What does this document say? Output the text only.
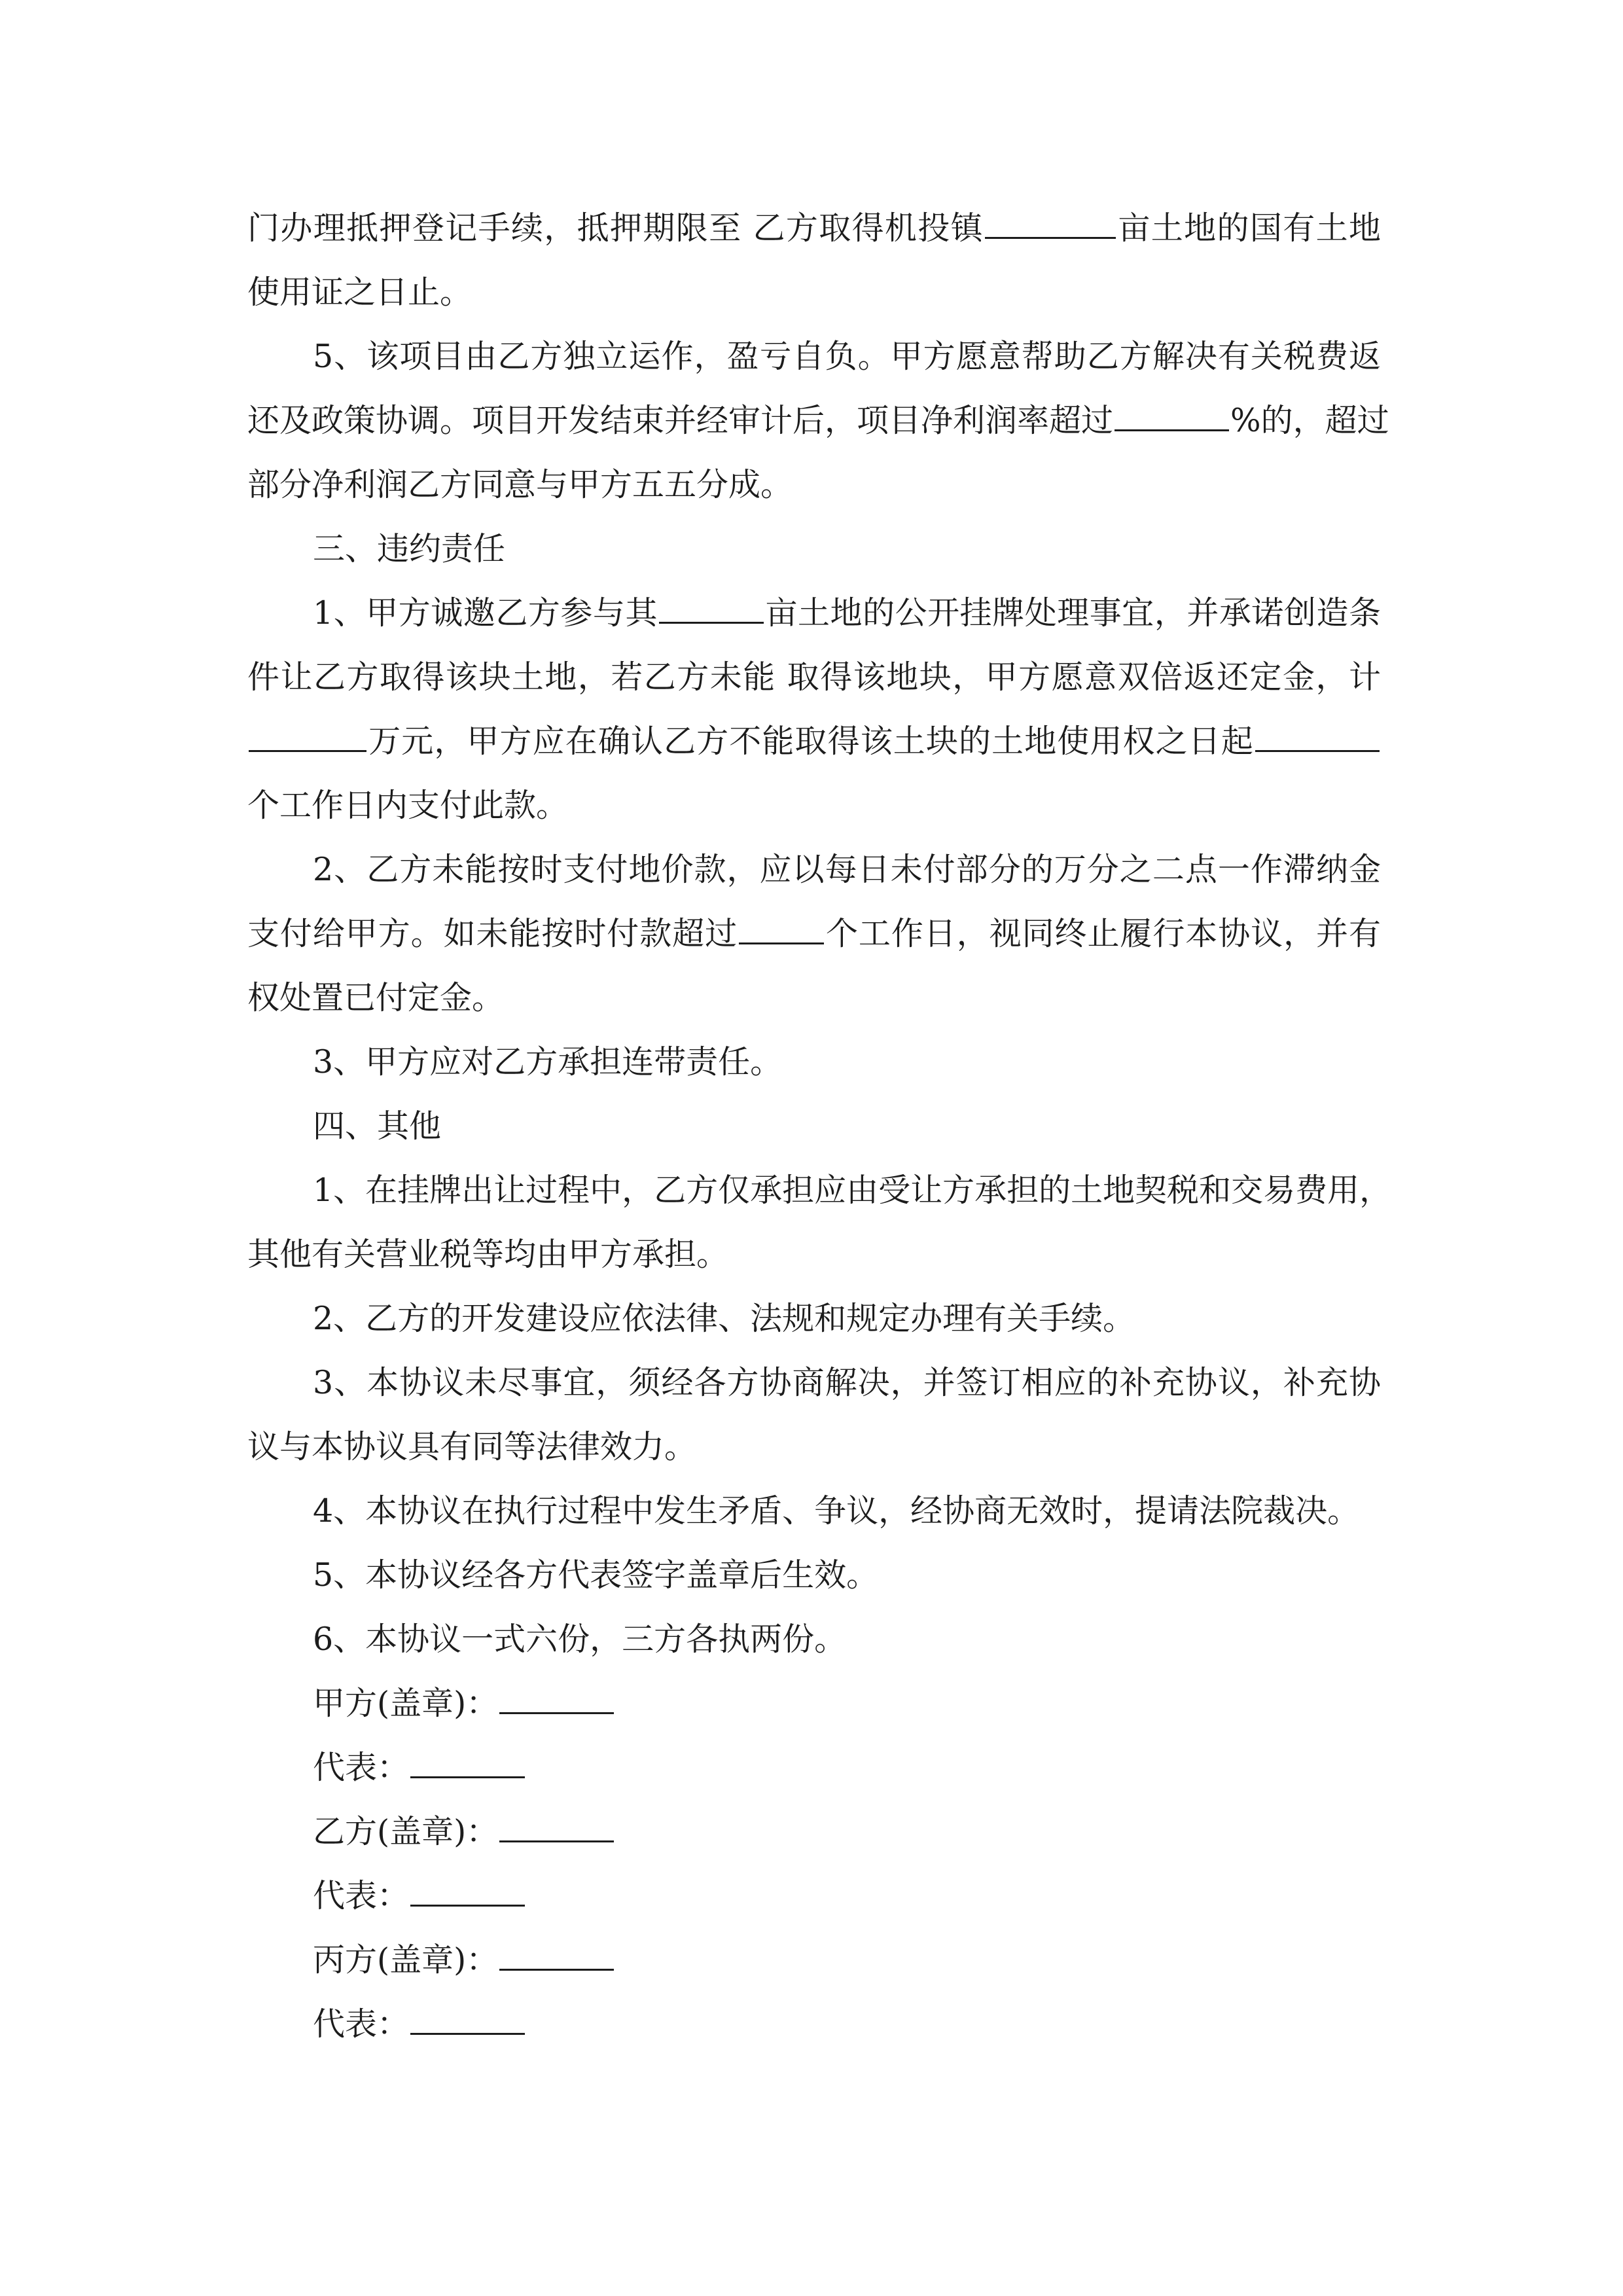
门办理抵押登记手续，抵押期限至 乙方取得机投镇	亩土地的国有土地
使用证之日止。
5、该项目由乙方独立运作，盈亏自负。甲方愿意帮助乙方解决有关税费返
还及政策协调。项目开发结束并经审计后，项目净利润率超过	%的，超过
部分净利润乙方同意与甲方五五分成。
三、违约责任
1、甲方诚邀乙方参与其	亩土地的公开挂牌处理事宜，并承诺创造条
件让乙方取得该块土地，若乙方未能 取得该地块，甲方愿意双倍返还定金，计
万元，甲方应在确认乙方不能取得该土块的土地使用权之日起
个工作日内支付此款。
2、乙方未能按时支付地价款，应以每日未付部分的万分之二点一作滞纳金
支付给甲方。如未能按时付款超过	个工作日，视同终止履行本协议，并有
权处置已付定金。
3、甲方应对乙方承担连带责任。
四、其他
1、在挂牌出让过程中，乙方仅承担应由受让方承担的土地契税和交易费用，
其他有关营业税等均由甲方承担。
2、乙方的开发建设应依法律、法规和规定办理有关手续。
3、本协议未尽事宜，须经各方协商解决，并签订相应的补充协议，补充协
议与本协议具有同等法律效力。
4、本协议在执行过程中发生矛盾、争议，经协商无效时，提请法院裁决。
5、本协议经各方代表签字盖章后生效。
6、本协议一式六份，三方各执两份。
甲方(盖章)：
代表：
乙方(盖章)：
代表：
丙方(盖章)：
代表：
